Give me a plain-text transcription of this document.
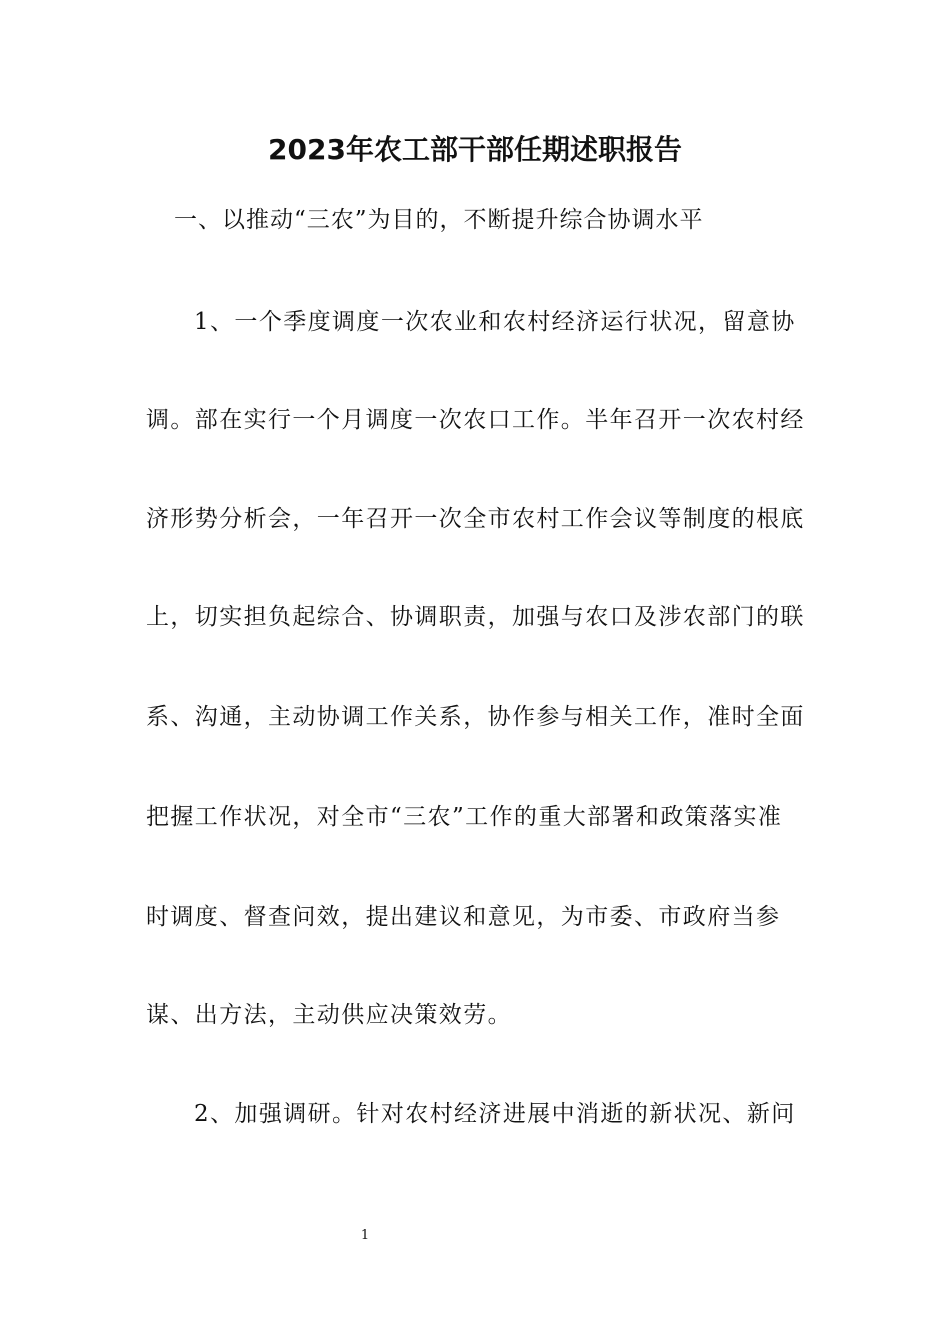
2023年农工部干部任期述职报告
一、以推动“三农”为目的，不断提升综合协调水平
1、一个季度调度一次农业和农村经济运行状况，留意协
调。部在实行一个月调度一次农口工作。半年召开一次农村经
济形势分析会，一年召开一次全市农村工作会议等制度的根底
上，切实担负起综合、协调职责，加强与农口及涉农部门的联
系、沟通，主动协调工作关系，协作参与相关工作，准时全面
把握工作状况，对全市“三农”工作的重大部署和政策落实准
时调度、督查问效，提出建议和意见，为市委、市政府当参
谋、出方法，主动供应决策效劳。
2、加强调研。针对农村经济进展中消逝的新状况、新问
1
